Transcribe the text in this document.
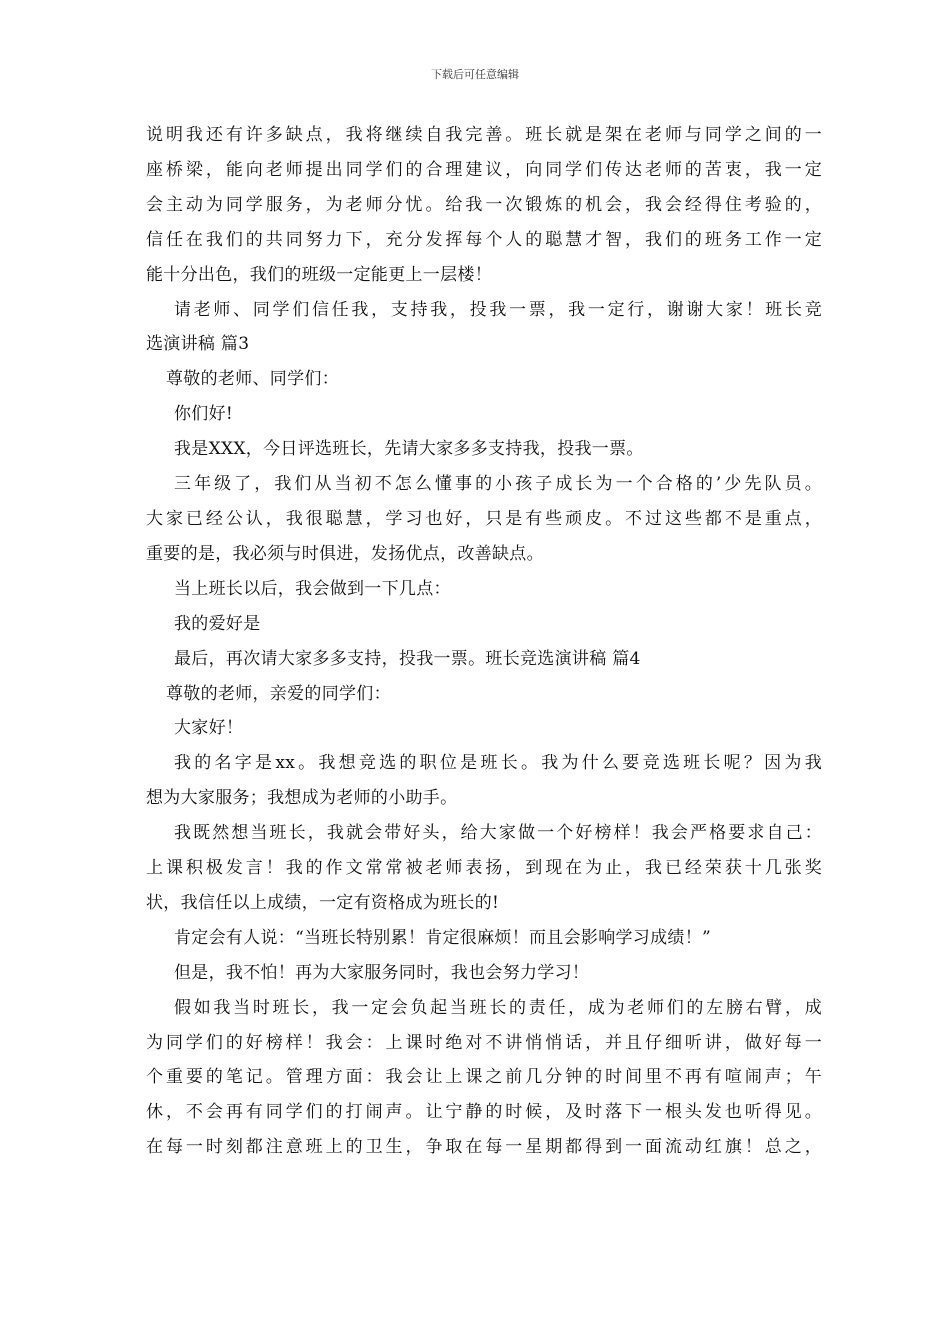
下载后可任意编辑
说明我还有许多缺点，我将继续自我完善。班长就是架在老师与同学之间的一
座桥梁，能向老师提出同学们的合理建议，向同学们传达老师的苦衷，我一定
会主动为同学服务，为老师分忧。给我一次锻炼的机会，我会经得住考验的，
信任在我们的共同努力下，充分发挥每个人的聪慧才智，我们的班务工作一定
能十分出色，我们的班级一定能更上一层楼！
请老师、同学们信任我，支持我，投我一票，我一定行，谢谢大家！班长竞
选演讲稿 篇3
尊敬的老师、同学们：
你们好!
我是XXX，今日评选班长，先请大家多多支持我，投我一票。
三年级了，我们从当初不怎么懂事的小孩子成长为一个合格的’少先队员。
大家已经公认，我很聪慧，学习也好，只是有些顽皮。不过这些都不是重点，
重要的是，我必须与时俱进，发扬优点，改善缺点。
当上班长以后，我会做到一下几点：
我的爱好是
最后，再次请大家多多支持，投我一票。班长竞选演讲稿 篇4
尊敬的老师，亲爱的同学们：
大家好！
我的名字是xx。我想竞选的职位是班长。我为什么要竞选班长呢？因为我
想为大家服务；我想成为老师的小助手。
我既然想当班长，我就会带好头，给大家做一个好榜样！我会严格要求自己：
上课积极发言！我的作文常常被老师表扬，到现在为止，我已经荣获十几张奖
状，我信任以上成绩，一定有资格成为班长的!
肯定会有人说：“当班长特别累！肯定很麻烦！而且会影响学习成绩！”
但是，我不怕！再为大家服务同时，我也会努力学习！
假如我当时班长，我一定会负起当班长的责任，成为老师们的左膀右臂，成
为同学们的好榜样！我会：上课时绝对不讲悄悄话，并且仔细听讲，做好每一
个重要的笔记。管理方面：我会让上课之前几分钟的时间里不再有喧闹声；午
休，不会再有同学们的打闹声。让宁静的时候，及时落下一根头发也听得见。
在每一时刻都注意班上的卫生，争取在每一星期都得到一面流动红旗！总之，
